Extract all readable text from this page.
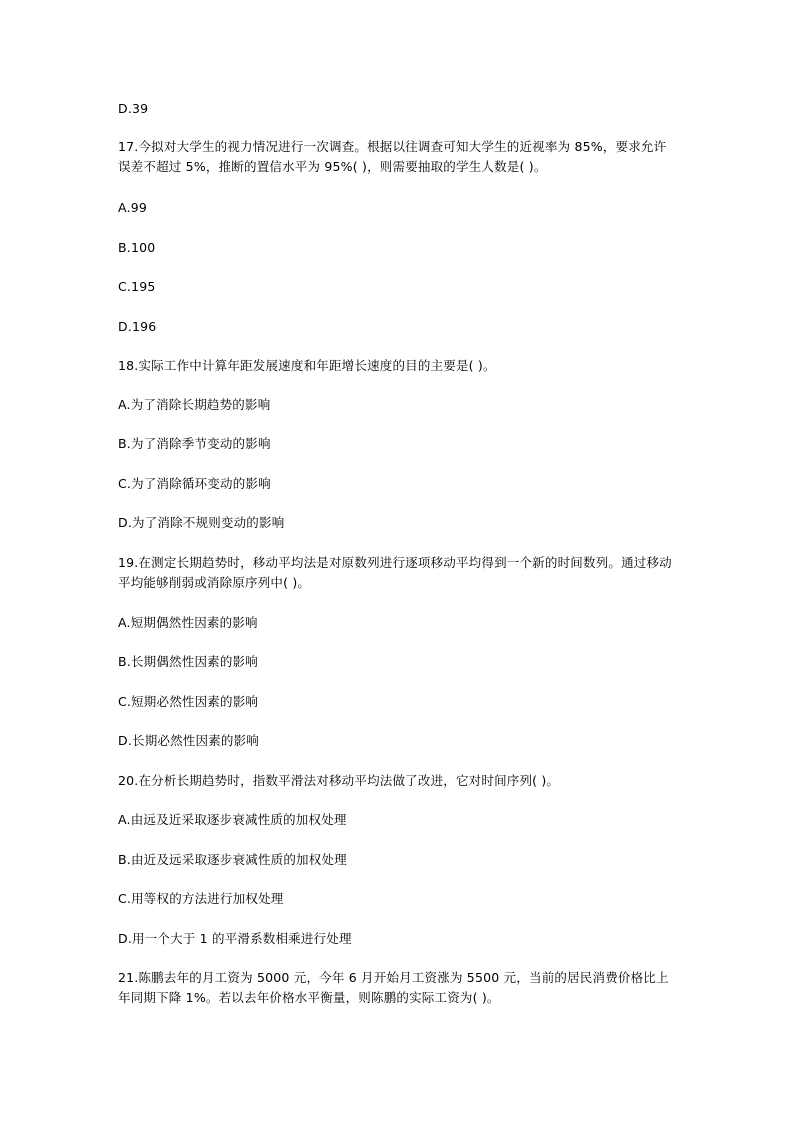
D.39
17.今拟对大学生的视力情况进行一次调查。根据以往调查可知大学生的近视率为 85%，要求允许误差不超过 5%，推断的置信水平为 95%( )，则需要抽取的学生人数是( )。
A.99
B.100
C.195
D.196
18.实际工作中计算年距发展速度和年距增长速度的目的主要是( )。
A.为了消除长期趋势的影响
B.为了消除季节变动的影响
C.为了消除循环变动的影响
D.为了消除不规则变动的影响
19.在测定长期趋势时，移动平均法是对原数列进行逐项移动平均得到一个新的时间数列。通过移动平均能够削弱或消除原序列中( )。
A.短期偶然性因素的影响
B.长期偶然性因素的影响
C.短期必然性因素的影响
D.长期必然性因素的影响
20.在分析长期趋势时，指数平滑法对移动平均法做了改进，它对时间序列( )。
A.由远及近采取逐步衰减性质的加权处理
B.由近及远采取逐步衰减性质的加权处理
C.用等权的方法进行加权处理
D.用一个大于 1 的平滑系数相乘进行处理
21.陈鹏去年的月工资为 5000 元，今年 6 月开始月工资涨为 5500 元，当前的居民消费价格比上年同期下降 1%。若以去年价格水平衡量，则陈鹏的实际工资为( )。
